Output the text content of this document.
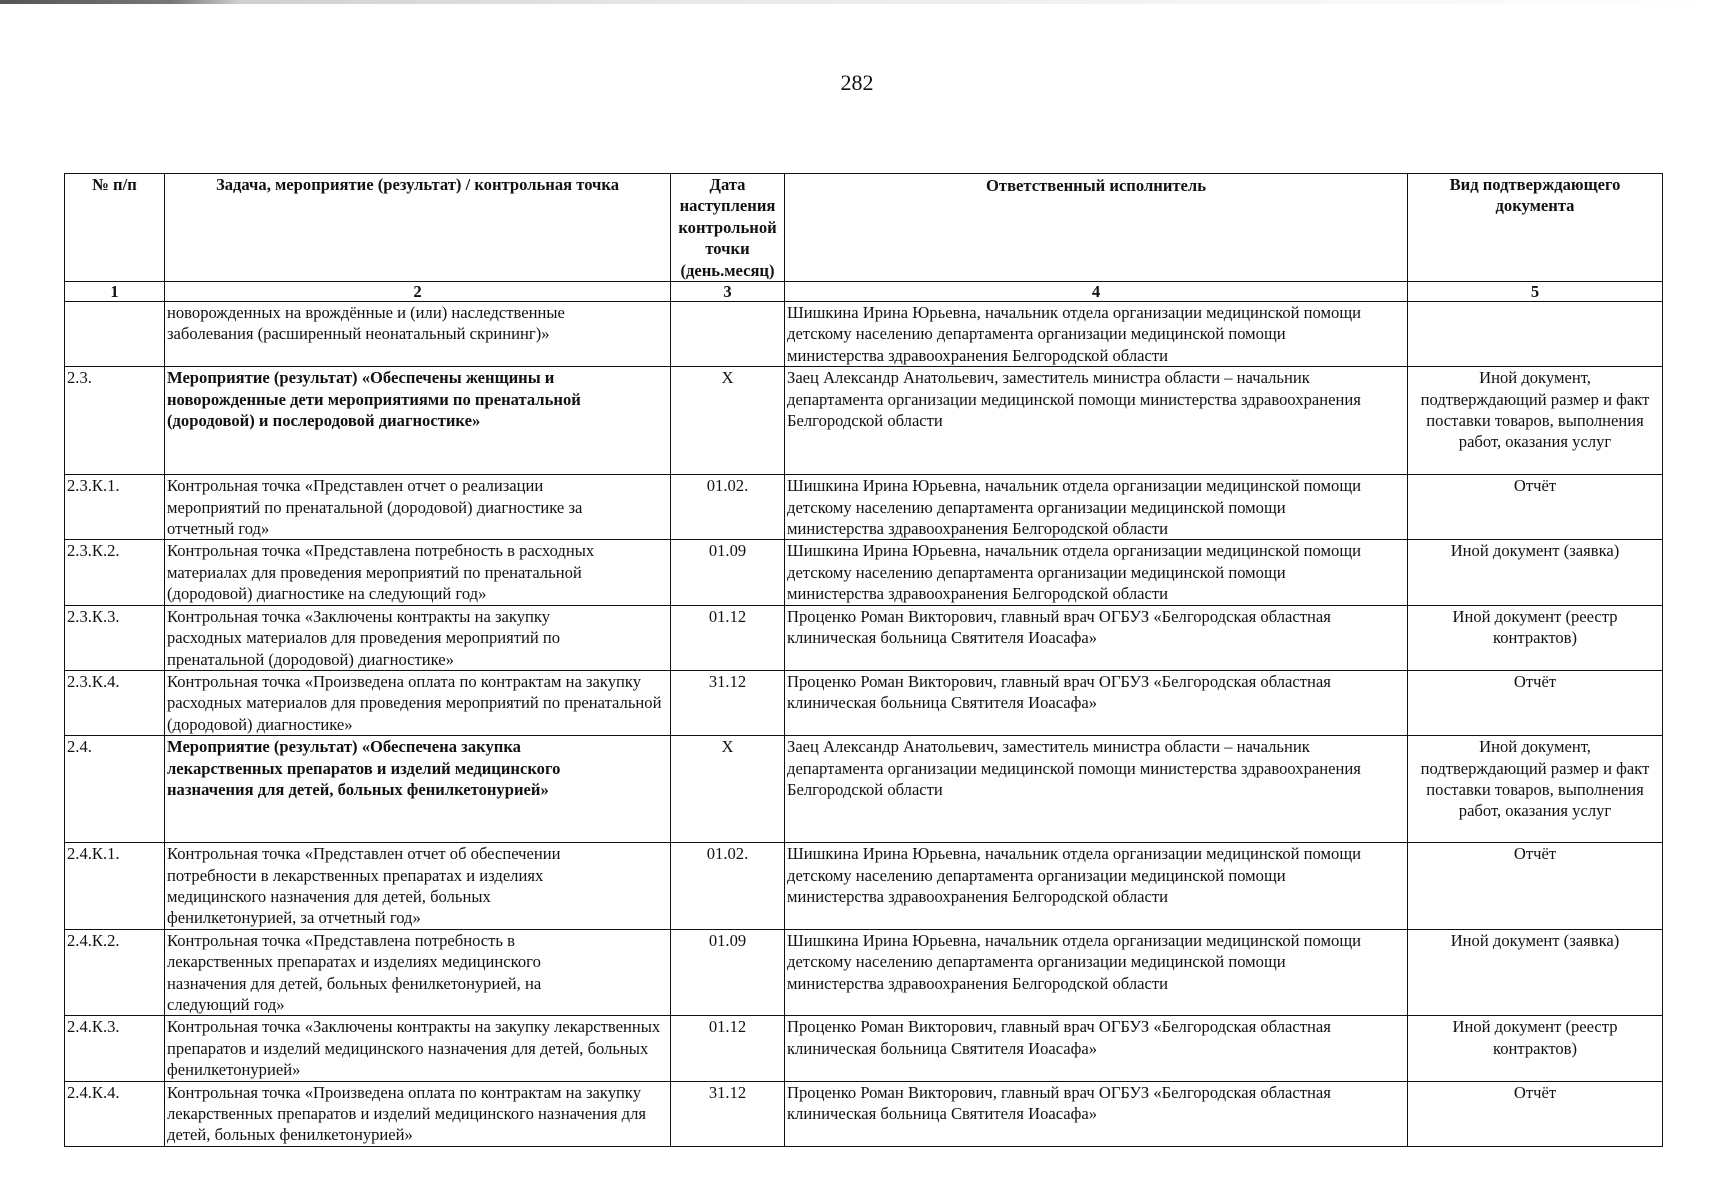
282
№ п/п	Задача, мероприятие (результат) / контрольная точка	Дата наступления контрольной точки (день.месяц)	Ответственный исполнитель	Вид подтверждающего документа
1	2	3	4	5
	новорожденных на врождённые и (или) наследственные заболевания (расширенный неонатальный скрининг)»		Шишкина Ирина Юрьевна, начальник отдела организации медицинской помощи детскому населению департамента организации медицинской помощи министерства здравоохранения Белгородской области	
2.3.	Мероприятие (результат) «Обеспечены женщины и новорожденные дети мероприятиями по пренатальной (дородовой) и послеродовой диагностике»	X	Заец Александр Анатольевич, заместитель министра области – начальник департамента организации медицинской помощи министерства здравоохранения Белгородской области	Иной документ, подтверждающий размер и факт поставки товаров, выполнения работ, оказания услуг
2.3.К.1.	Контрольная точка «Представлен отчет о реализации мероприятий по пренатальной (дородовой) диагностике за отчетный год»	01.02.	Шишкина Ирина Юрьевна, начальник отдела организации медицинской помощи детскому населению департамента организации медицинской помощи министерства здравоохранения Белгородской области	Отчёт
2.3.К.2.	Контрольная точка «Представлена потребность в расходных материалах для проведения мероприятий по пренатальной (дородовой) диагностике на следующий год»	01.09	Шишкина Ирина Юрьевна, начальник отдела организации медицинской помощи детскому населению департамента организации медицинской помощи министерства здравоохранения Белгородской области	Иной документ (заявка)
2.3.К.3.	Контрольная точка «Заключены контракты на закупку расходных материалов для проведения мероприятий по пренатальной (дородовой) диагностике»	01.12	Проценко Роман Викторович, главный врач ОГБУЗ «Белгородская областная клиническая больница Святителя Иоасафа»	Иной документ (реестр контрактов)
2.3.К.4.	Контрольная точка «Произведена оплата по контрактам на закупку расходных материалов для проведения мероприятий по пренатальной (дородовой) диагностике»	31.12	Проценко Роман Викторович, главный врач ОГБУЗ «Белгородская областная клиническая больница Святителя Иоасафа»	Отчёт
2.4.	Мероприятие (результат) «Обеспечена закупка лекарственных препаратов и изделий медицинского назначения для детей, больных фенилкетонурией»	X	Заец Александр Анатольевич, заместитель министра области – начальник департамента организации медицинской помощи министерства здравоохранения Белгородской области	Иной документ, подтверждающий размер и факт поставки товаров, выполнения работ, оказания услуг
2.4.К.1.	Контрольная точка «Представлен отчет об обеспечении потребности в лекарственных препаратах и изделиях медицинского назначения для детей, больных фенилкетонурией, за отчетный год»	01.02.	Шишкина Ирина Юрьевна, начальник отдела организации медицинской помощи детскому населению департамента организации медицинской помощи министерства здравоохранения Белгородской области	Отчёт
2.4.К.2.	Контрольная точка «Представлена потребность в лекарственных препаратах и изделиях медицинского назначения для детей, больных фенилкетонурией, на следующий год»	01.09	Шишкина Ирина Юрьевна, начальник отдела организации медицинской помощи детскому населению департамента организации медицинской помощи министерства здравоохранения Белгородской области	Иной документ (заявка)
2.4.К.3.	Контрольная точка «Заключены контракты на закупку лекарственных препаратов и изделий медицинского назначения для детей, больных фенилкетонурией»	01.12	Проценко Роман Викторович, главный врач ОГБУЗ «Белгородская областная клиническая больница Святителя Иоасафа»	Иной документ (реестр контрактов)
2.4.К.4.	Контрольная точка «Произведена оплата по контрактам на закупку лекарственных препаратов и изделий медицинского назначения для детей, больных фенилкетонурией»	31.12	Проценко Роман Викторович, главный врач ОГБУЗ «Белгородская областная клиническая больница Святителя Иоасафа»	Отчёт
